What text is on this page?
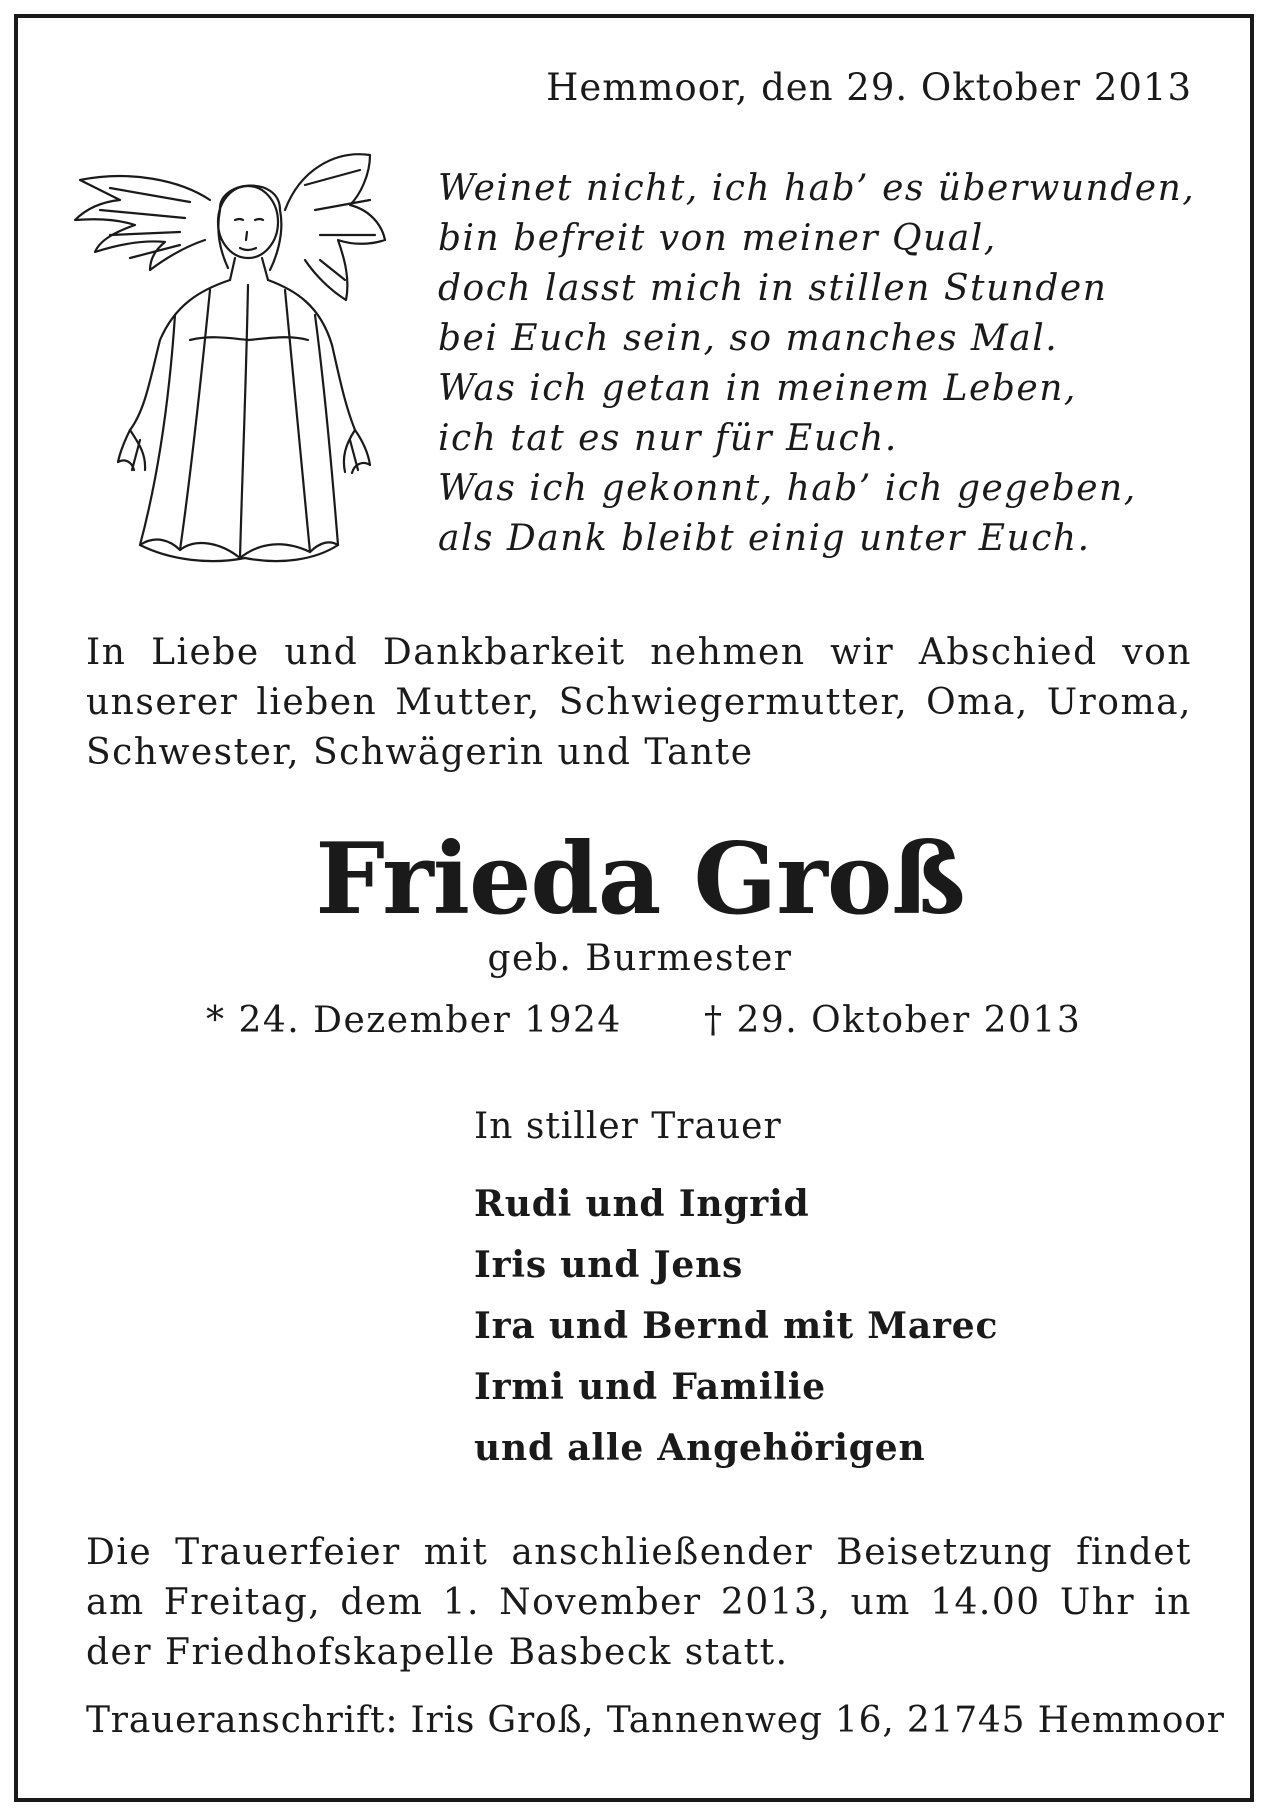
Hemmoor, den 29. Oktober 2013
Weinet nicht, ich hab’ es überwunden,
bin befreit von meiner Qual,
doch lasst mich in stillen Stunden
bei Euch sein, so manches Mal.
Was ich getan in meinem Leben,
ich tat es nur für Euch.
Was ich gekonnt, hab’ ich gegeben,
als Dank bleibt einig unter Euch.
In Liebe und Dankbarkeit nehmen wir Abschied von unserer lieben Mutter, Schwiegermutter, Oma, Uroma, Schwester, Schwägerin und Tante
Frieda Groß
geb. Burmester
* 24. Dezember 1924 † 29. Oktober 2013
In stiller Trauer
Rudi und Ingrid
Iris und Jens
Ira und Bernd mit Marec
Irmi und Familie
und alle Angehörigen
Die Trauerfeier mit anschließender Beisetzung findet am Freitag, dem 1. November 2013, um 14.00 Uhr in der Friedhofskapelle Basbeck statt.
Traueranschrift: Iris Groß, Tannenweg 16, 21745 Hemmoor
